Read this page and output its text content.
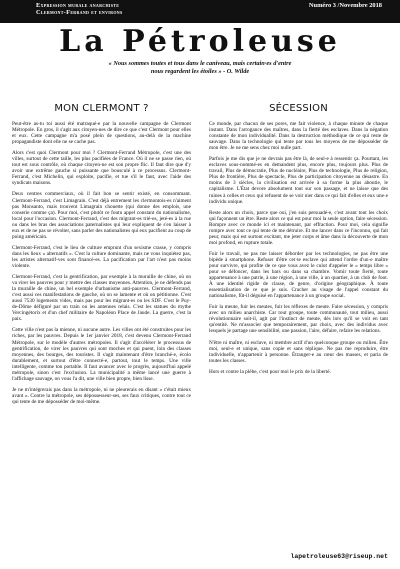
Expression murale anarchiste
Clermont-Ferrand et environs
Numéro 3 /Novembre 2018
La Pétroleuse
« Nous sommes toutes et tous dans le caniveau, mais certain·es d'entre
nous regardent les étoiles » - O. Wilde
MON CLERMONT ?

Peut-être as-tu toi aussi été matraqué-e par la nouvelle campagne de Clermont Métropole. En gros, il s'agit aux citoyen-nes de dire ce que c'est Clermont pour elles et eux. Cette campagne m'a posé plein de questions, au-delà de la machine propagandiste dont elle ne se cache pas.

Alors c'est quoi Clermont pour moi ? Clermont-Ferrand Métropole, c'est une des villes, surtout de cette taille, les plus pacifiées de France. Où il ne se passe rien, où tout est sous contrôle, où chaque citoyen-ne est son propre flic. Il faut dire que d'y avoir une extrême gauche si puissante que bousculé à ce processus. Clermont-Ferrand, c'est Michelin, qui exploite, pacifie, et tue s'il le faut, avec l'aide des syndicats maisons.

Deux centres commerciaux, où il fait bon se sentir existé, en consommant. Clermont-Ferrand, c'est Limagrain. C'est déjà entrement les clermontois-es n'aiment pas Monsanto, mais trouvent Limagrain chouette (qui donne des emplois, une conserie comme ça). Pour moi, c'est plutôt ce foutu appel constant du nationalisme, local pour l'occasion. Clermont-Ferrand, c'est des migrant-es trié-es, jeté-es à la rue ou dans les bras des associations paternalistes qui leur expliquent de s'en laisser à eux et de ne pas se révolter, sans parler des nationalistes qui eux pacifient au coup de poing américain.

Clermont-Ferrand, c'est le lieu de culture emprunt d'un sexisme crasse, y compris dans les lieux « alternatifs ». C'est la culture dominante, mais ne vous inquiétez pas, les artistes alternatif-ves sont financé-es. La pacification par l'art n'est pas moins violente.

Clermont-Ferrand, c'est la gentrification, par exemple à la muraille de chine, où on va virer les pauvres pour y mettre des classes moyennes. Attention, je ne défends pas la muraille de chine, un bel exemple d'urbanisme anti-pauvres. Clermont-Ferrand, c'est aussi ces manifestations de gauche, où on se lamente et où on pétitionne. C'est aussi 7530 logements vides, mais pas pour les migrant-es ou les SDF. C'est le Puy-de-Dôme défiguré par un train ou les antennes relais. C'est les statues du mythe Vercingétorix et d'un chef militaire de Napoléon Place de Jaude. La guerre, c'est la paix.

Cette ville n'est pas la mienne, ni aucune autre. Les villes ont été construites pour les riches, par les pauvres. Depuis le 1er janvier 2018, c'est devenu Clermont-Ferrand Métropole, sur le modèle d'autres métropoles. Il s'agit d'accélérer le processus de gentrification, de virer les pauvres qui sont moches et qui puent, loin des classes moyennes, des bourges, des touristes. Il s'agit maintenant d'être branché-e, écolo durablement, et surtout d'être connecté-e, partout, tout le temps. Une ville intelligente, comme ton portable. Il faut avancer avec le progrès, aujourd'hui appelé métropole, sinon c'est l'exclusion. La municipalité a même lancé une guerre à l'affichage sauvage, on vous l'a dit, une ville bien propre, bien lisse.

Je ne m'intégrerais pas dans la métropole, ni ne pleurerais en disant « c'était mieux avant ». Contre la métropole, ses dépossesseur-ses, ses faux critiques, contre tout ce qui tente de me déposséder de moi-même.

SÉCESSION

Ce monde, par chacun de ses pores, me fait violence, à chaque minute de chaque instant. Dans l'arrogance des maîtres, dans la fierté des esclaves. Dans la négation constante de mon individualité. Dans la destruction méthodique de ce qui reste de sauvage. Dans la technologie qui tente par tous les moyens de me déposséder de mon être. Je ne me sens chez moi nulle part.

Parfois je me dis que je ne devrais pas être là, de seul-e à ressentir ça. Pourtant, les esclaves sous-nommé-es en demandent plus, encore plus, toujours plus. Plus de travail, Plus de démocratie, Plus de nucléaire, Plus de technologie, Plus de religion, Plus de frontière, Plus de spectacle, Plus de participation citoyenne au désastre. En moins de 3 siècles, la civilisation est arrivée à sa forme la plus aboutie, le capitalisme. L'État devore absolument tout sur son passage, et ne laisse que des ruines à celles et ceux qui refusent de se voir nier dans ce qui fait d'elles et eux une·e individu unique.

Reste alors un choix, parce que oui, j'en suis persuadé-e, c'est avant tout les choix qui façonnent un être. Reste alors ce qui est pour moi la seule option, faire sécession. Rompre avec ce monde ici et maintenant, par effraction. Pour moi, cela signifie rompre avec tout ce qui tente de me détruire. Et me lancer dans ce l'inconnu, qui fait peur, mais qui est surtout excitant, me jeter corps et âme dans la découverte de mon moi profond, en rupture totale.

Fuir le travail, ne pas me laisser déborder par les technologies, ne pas être une bipède à smartphone. Refuser d'être cet·te esclave qui attend l'ordre d'un·e maître pour survivre, qui profite de ce que vous avez le culot d'appeler le « temps libre » pour se défoncer, dans les bars ou dans sa chambre. Vomir toute fierté, toute appartenance à une patrie, à une région, à une ville, à un quartier, à un club de foot. À une identité rigide de classe, de genre, d'origine géographique. À toute essentialisation de ce que je suis. Cracher au visage de l'appel constant du nationalisme, fût-il déguisé en l'appartenance à un groupe social.

Fuir la meute, fuir les meutes, fuir les réflexes de meute. Faire sécession, y compris avec un milieu anarchiste. Car tout groupe, toute communauté, tout milieu, aussi révolutionnaire soit-il, agit par l'instinct de meute, dès lors qu'il se voit en tant qu'entité. Ne m'associer que temporairement, par choix, avec des individus avec lesquels je partage une sensibilité, une passion, l'aire, défaire, refaire les relations.

N'être ni maître, ni esclave, ni membre actif d'un quelconque groupe ou milieu. Être moi, seul-e et unique, sans copie et sans réplique. Ne pas me reproduire, être individuelle, n'appartenir à personne. Étranger-e au cœur des masses, et paria de toutes les classes.

Hors et contre la plèbe, c'est pour moi le prix de la liberté.

lapetroleuse63@riseup.net
